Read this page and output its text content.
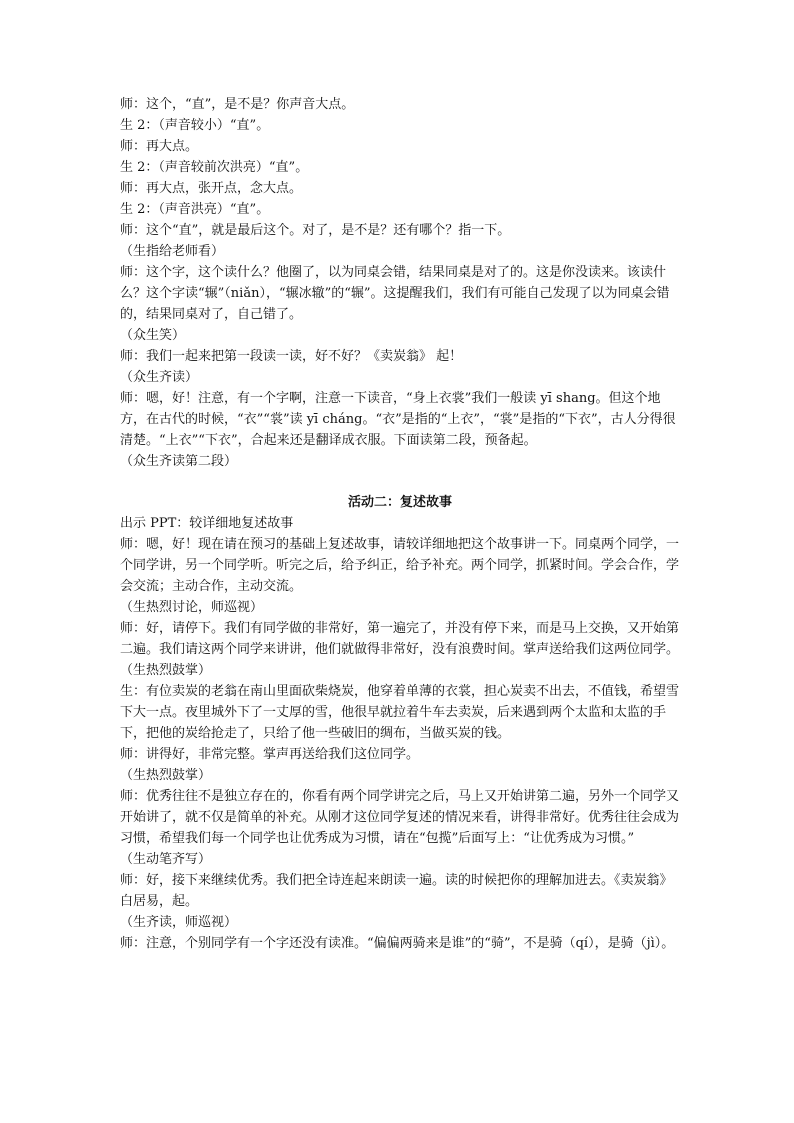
师：这个，“直”，是不是？你声音大点。

生 2：（声音较小）“直”。

师：再大点。

生 2：（声音较前次洪亮）“直”。

师：再大点，张开点，念大点。

生 2：（声音洪亮）“直”。

师：这个“直”，就是最后这个。对了，是不是？还有哪个？指一下。

（生指给老师看）

师：这个字，这个读什么？他圈了，以为同桌会错，结果同桌是对了的。这是你没读来。该读什么？这个字读“辗”（niǎn），“辗冰辙”的“辗”。这提醒我们，我们有可能自己发现了以为同桌会错的，结果同桌对了，自己错了。

（众生笑）

师：我们一起来把第一段读一读，好不好？《卖炭翁》 起！

（众生齐读）

师：嗯，好！注意，有一个字啊，注意一下读音，“身上衣裳”我们一般读 yī shang。但这个地方，在古代的时候，“衣”“裳”读 yī cháng。“衣”是指的“上衣”，“裳”是指的“下衣”，古人分得很清楚。“上衣”“下衣”，合起来还是翻译成衣服。下面读第二段，预备起。

（众生齐读第二段）

活动二：复述故事

出示 PPT：较详细地复述故事

师：嗯，好！现在请在预习的基础上复述故事，请较详细地把这个故事讲一下。同桌两个同学，一个同学讲，另一个同学听。听完之后，给予纠正，给予补充。两个同学，抓紧时间。学会合作，学会交流；主动合作，主动交流。

（生热烈讨论，师巡视）

师：好，请停下。我们有同学做的非常好，第一遍完了，并没有停下来，而是马上交换，又开始第二遍。我们请这两个同学来讲讲，他们就做得非常好，没有浪费时间。掌声送给我们这两位同学。

（生热烈鼓掌）

生：有位卖炭的老翁在南山里面砍柴烧炭，他穿着单薄的衣裳，担心炭卖不出去，不值钱，希望雪下大一点。夜里城外下了一丈厚的雪，他很早就拉着牛车去卖炭，后来遇到两个太监和太监的手下，把他的炭给抢走了，只给了他一些破旧的绸布，当做买炭的钱。

师：讲得好，非常完整。掌声再送给我们这位同学。

（生热烈鼓掌）

师：优秀往往不是独立存在的，你看有两个同学讲完之后，马上又开始讲第二遍，另外一个同学又开始讲了，就不仅是简单的补充。从刚才这位同学复述的情况来看，讲得非常好。优秀往往会成为习惯，希望我们每一个同学也让优秀成为习惯，请在“包揽”后面写上：“让优秀成为习惯。”

（生动笔齐写）

师：好，接下来继续优秀。我们把全诗连起来朗读一遍。读的时候把你的理解加进去。《卖炭翁》 白居易，起。

（生齐读，师巡视）

师：注意，个别同学有一个字还没有读准。“偏偏两骑来是谁”的“骑”，不是骑（qí），是骑（jì）。
